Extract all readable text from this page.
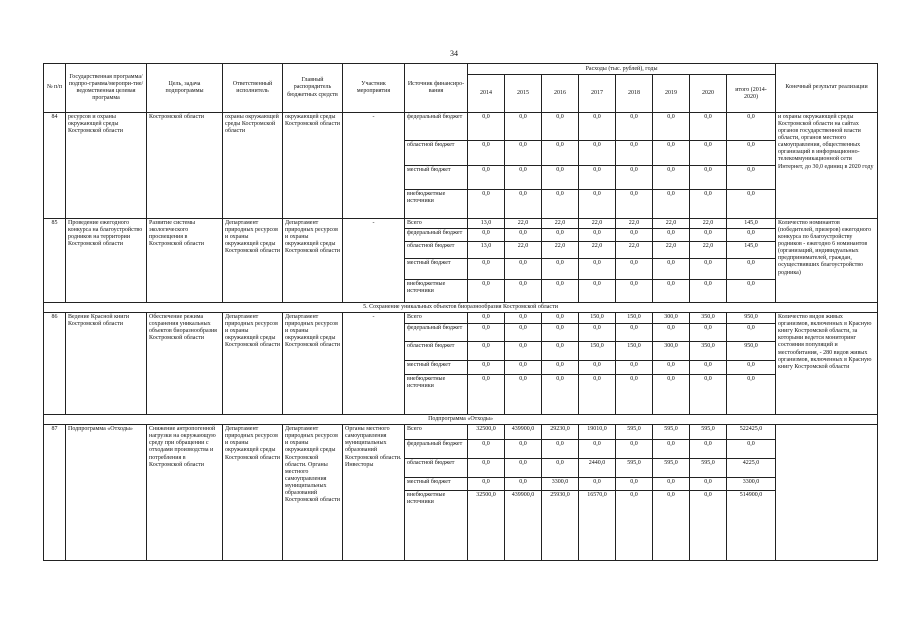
34
№ п/п	Государственная программа/подпро-грамма/меропри-тие/ведомственная целевая программа	Цель, задача подпрограммы	Ответственный исполнитель	Главный распорядитель бюджетных средств	Участник мероприятия	Источник финансиро-вания	Расходы (тыс. рублей), годы								Конечный результат реализации
							2014	2015	2016	2017	2018	2019	2020	итого (2014-2020)	
84	ресурсов и охраны окружающей среды Костромской области	Костромской области	охраны окружающей среды Костромской области	окружающей среды Костромской области	-	федеральный бюджет	0,0	0,0	0,0	0,0	0,0	0,0	0,0	0,0	и охраны окружающей среды Костромской области на сайтах органов государственной власти области, органов местного самоуправления, общественных организаций в информационно-телекоммуникационной сети Интернет, до 30,0 единиц в 2020 году
						областной бюджет	0,0	0,0	0,0	0,0	0,0	0,0	0,0	0,0	
						местный бюджет	0,0	0,0	0,0	0,0	0,0	0,0	0,0	0,0	
						внебюджетные источники	0,0	0,0	0,0	0,0	0,0	0,0	0,0	0,0	
85	Проведение ежегодного конкурса на благоустройство родников на территории Костромской области	Развитие системы экологического просвещения в Костромской области	Департамент природных ресурсов и охраны окружающей среды Костромской области	Департамент природных ресурсов и охраны окружающей среды Костромской области	-	Всего	13,0	22,0	22,0	22,0	22,0	22,0	22,0	145,0	Количество номинантов (победителей, призеров) ежегодного конкурса по благоустройству родников - ежегодно 6 номинантов (организаций, индивидуальных предпринимателей, граждан, осуществивших благоустройство родника)
						федеральный бюджет	0,0	0,0	0,0	0,0	0,0	0,0	0,0	0,0	
						областной бюджет	13,0	22,0	22,0	22,0	22,0	22,0	22,0	145,0	
						местный бюджет	0,0	0,0	0,0	0,0	0,0	0,0	0,0	0,0	
						внебюджетные источники	0,0	0,0	0,0	0,0	0,0	0,0	0,0	0,0	
5. Сохранение уникальных объектов биоразнообразия Костромской области															
86	Ведение Красной книги Костромской области	Обеспечение режима сохранения уникальных объектов биоразнообразия Костромской области	Департамент природных ресурсов и охраны окружающей среды Костромской области	Департамент природных ресурсов и охраны окружающей среды Костромской области	-	Всего	0,0	0,0	0,0	150,0	150,0	300,0	350,0	950,0	Количество видов живых организмов, включенных в Красную книгу Костромской области, за которыми ведется мониторинг состояния популяций и местообитания, - 280 видов живых организмов, включенных в Красную книгу Костромской области
						федеральный бюджет	0,0	0,0	0,0	0,0	0,0	0,0	0,0	0,0	
						областной бюджет	0,0	0,0	0,0	150,0	150,0	300,0	350,0	950,0	
						местный бюджет	0,0	0,0	0,0	0,0	0,0	0,0	0,0	0,0	
						внебюджетные источники	0,0	0,0	0,0	0,0	0,0	0,0	0,0	0,0	
Подпрограмма «Отходы»															
87	Подпрограмма «Отходы»	Снижение антропогенной нагрузки на окружающую среду при обращении с отходами производства и потребления в Костромской области	Департамент природных ресурсов и охраны окружающей среды Костромской области	Департамент природных ресурсов и охраны окружающей среды Костромской области. Органы местного самоуправления муниципальных образований Костромской области	Органы местного самоуправления муниципальных образований Костромской области. Инвесторы	Всего	32500,0	439900,0	29230,0	19010,0	595,0	595,0	595,0	522425,0	
						федеральный бюджет	0,0	0,0	0,0	0,0	0,0	0,0	0,0	0,0	
						областной бюджет	0,0	0,0	0,0	2440,0	595,0	595,0	595,0	4225,0	
						местный бюджет	0,0	0,0	3300,0	0,0	0,0	0,0	0,0	3300,0	
						внебюджетные источники	32500,0	439900,0	25930,0	16570,0	0,0	0,0	0,0	514900,0	
